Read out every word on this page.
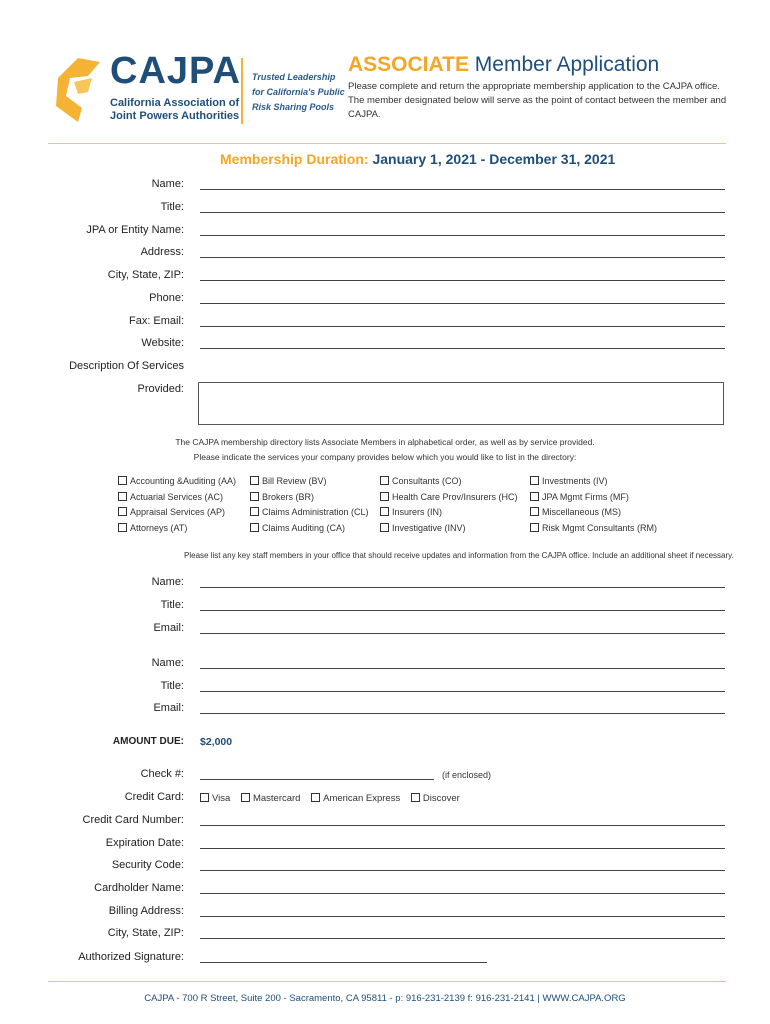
CAJPA
California Association of
Joint Powers Authorities
Trusted Leadership
for California's Public
Risk Sharing Pools
ASSOCIATE Member Application
Please complete and return the appropriate membership application to the CAJPA office. The member designated below will serve as the point of contact between the member and CAJPA.
Membership Duration: January 1, 2021 - December 31, 2021
Name:
Title:
JPA or Entity Name:
Address:
City, State, ZIP:
Phone:
Fax: Email:
Website:
Description Of Services
Provided:
The CAJPA membership directory lists Associate Members in alphabetical order, as well as by service provided.
Please indicate the services your company provides below which you would like to list in the directory:
Accounting &Auditing (AA)
Actuarial Services (AC)
Appraisal Services (AP)
Attorneys (AT)
Bill Review (BV)
Brokers (BR)
Claims Administration (CL)
Claims Auditing (CA)
Consultants (CO)
Health Care Prov/Insurers (HC)
Insurers (IN)
Investigative (INV)
Investments (IV)
JPA Mgmt Firms (MF)
Miscellaneous (MS)
Risk Mgmt Consultants (RM)
Please list any key staff members in your office that should receive updates and information from the CAJPA office. Include an additional sheet if necessary.
Name:
Title:
Email:
Name:
Title:
Email:
AMOUNT DUE: $2,000
Check #:	(if enclosed)
Credit Card:	Visa Mastercard American Express Discover
Credit Card Number:
Expiration Date:
Security Code:
Cardholder Name:
Billing Address:
City, State, ZIP:
Authorized Signature:
CAJPA - 700 R Street, Suite 200 - Sacramento, CA 95811 - p: 916-231-2139 f: 916-231-2141 | WWW.CAJPA.ORG
